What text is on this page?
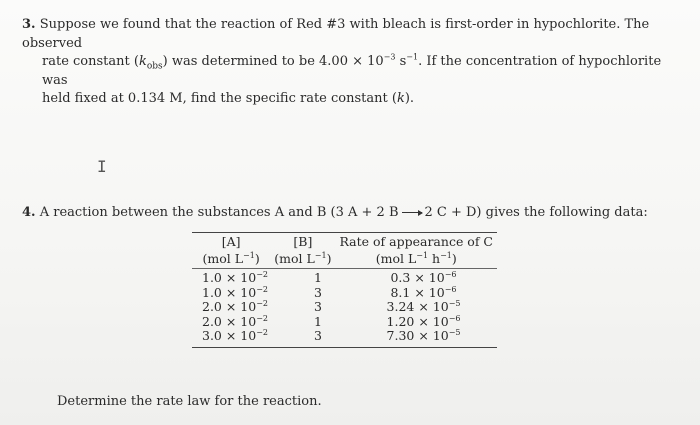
3. Suppose we found that the reaction of Red #3 with bleach is first-order in hypochlorite. The observed
rate constant $(k_{obs})$ was determined to be $4.00 \times 10^{-3}$ $s^{-1}$. If the concentration of hypochlorite was
held fixed at 0.134 M, find the specific rate constant (k).
I
4. A reaction between the substances A and B (3 A + 2 B → 2 C + D) gives the following data:
[A]	[B]	Rate of appearance of C
(mol $L^{-1}$)	(mol $L^{-1}$)	(mol $L^{-1}$ $h^{-1}$)
$1.0 \times 10^{-2}$	1	$0.3 \times 10^{-6}$
$1.0 \times 10^{-2}$	3	$8.1 \times 10^{-6}$
$2.0 \times 10^{-2}$	3	$3.24 \times 10^{-5}$
$2.0 \times 10^{-2}$	1	$1.20 \times 10^{-6}$
$3.0 \times 10^{-2}$	3	$7.30 \times 10^{-5}$
Determine the rate law for the reaction.
